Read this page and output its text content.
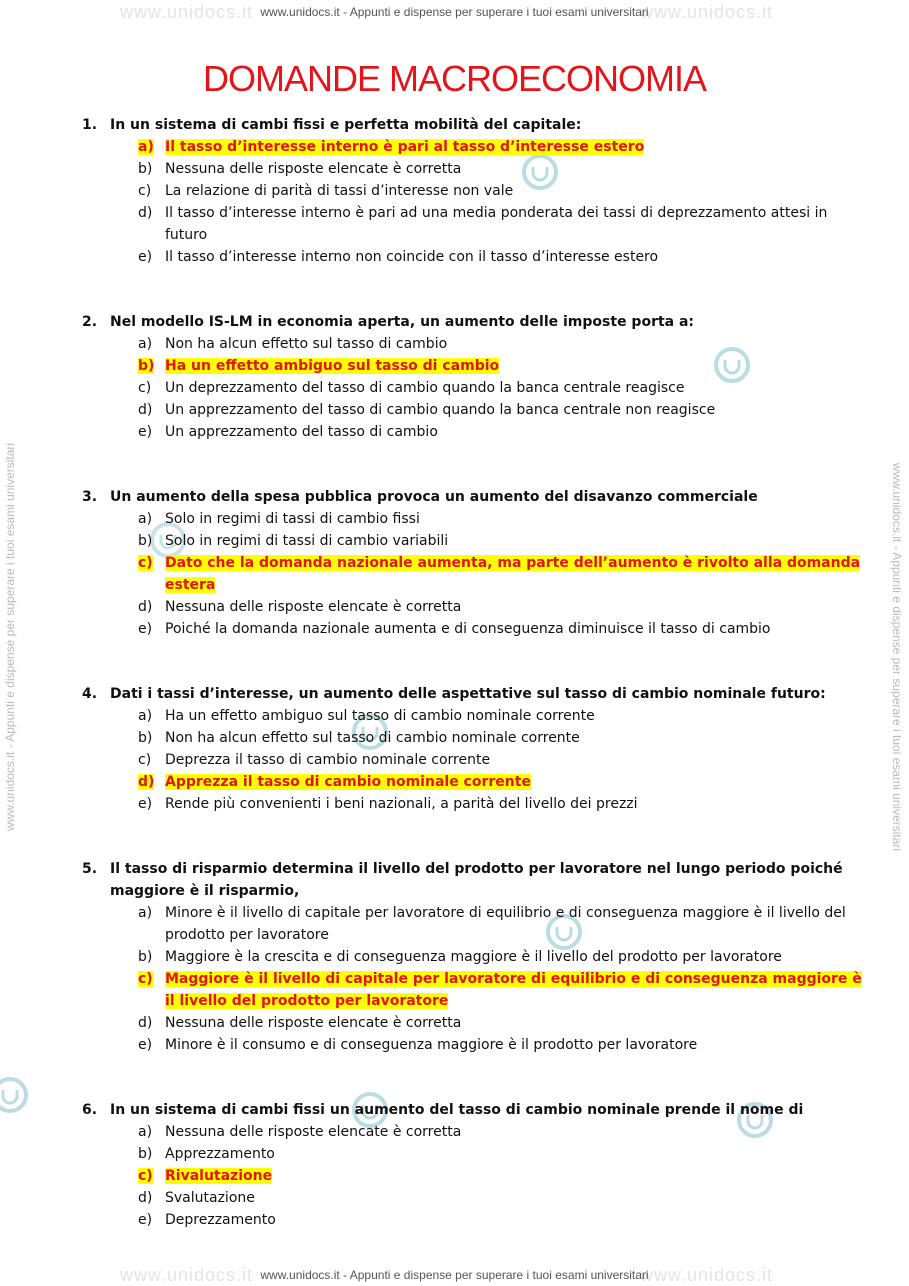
www.unidocs.it	www.unidocs.it
www.unidocs.it	www.unidocs.it
www.unidocs.it - Appunti e dispense per superare i tuoi esami universitari
www.unidocs.it - Appunti e dispense per superare i tuoi esami universitari
www.unidocs.it - Appunti e dispense per superare i tuoi esami universitari	www.unidocs.it - Appunti e dispense per superare i tuoi esami universitari
DOMANDE MACROECONOMIA
1. In un sistema di cambi fissi e perfetta mobilità del capitale:
a) Il tasso d’interesse interno è pari al tasso d’interesse estero
b) Nessuna delle risposte elencate è corretta
c) La relazione di parità di tassi d’interesse non vale
d) Il tasso d’interesse interno è pari ad una media ponderata dei tassi di deprezzamento attesi in futuro
e) Il tasso d’interesse interno non coincide con il tasso d’interesse estero
2. Nel modello IS-LM in economia aperta, un aumento delle imposte porta a:
a) Non ha alcun effetto sul tasso di cambio
b) Ha un effetto ambiguo sul tasso di cambio
c) Un deprezzamento del tasso di cambio quando la banca centrale reagisce
d) Un apprezzamento del tasso di cambio quando la banca centrale non reagisce
e) Un apprezzamento del tasso di cambio
3. Un aumento della spesa pubblica provoca un aumento del disavanzo commerciale
a) Solo in regimi di tassi di cambio fissi
b) Solo in regimi di tassi di cambio variabili
c) Dato che la domanda nazionale aumenta, ma parte dell’aumento è rivolto alla domanda estera
d) Nessuna delle risposte elencate è corretta
e) Poiché la domanda nazionale aumenta e di conseguenza diminuisce il tasso di cambio
4. Dati i tassi d’interesse, un aumento delle aspettative sul tasso di cambio nominale futuro:
a) Ha un effetto ambiguo sul tasso di cambio nominale corrente
b) Non ha alcun effetto sul tasso di cambio nominale corrente
c) Deprezza il tasso di cambio nominale corrente
d) Apprezza il tasso di cambio nominale corrente
e) Rende più convenienti i beni nazionali, a parità del livello dei prezzi
5. Il tasso di risparmio determina il livello del prodotto per lavoratore nel lungo periodo poiché maggiore è il risparmio,
a) Minore è il livello di capitale per lavoratore di equilibrio e di conseguenza maggiore è il livello del prodotto per lavoratore
b) Maggiore è la crescita e di conseguenza maggiore è il livello del prodotto per lavoratore
c) Maggiore è il livello di capitale per lavoratore di equilibrio e di conseguenza maggiore è il livello del prodotto per lavoratore
d) Nessuna delle risposte elencate è corretta
e) Minore è il consumo e di conseguenza maggiore è il prodotto per lavoratore
6. In un sistema di cambi fissi un aumento del tasso di cambio nominale prende il nome di
a) Nessuna delle risposte elencate è corretta
b) Apprezzamento
c) Rivalutazione
d) Svalutazione
e) Deprezzamento
